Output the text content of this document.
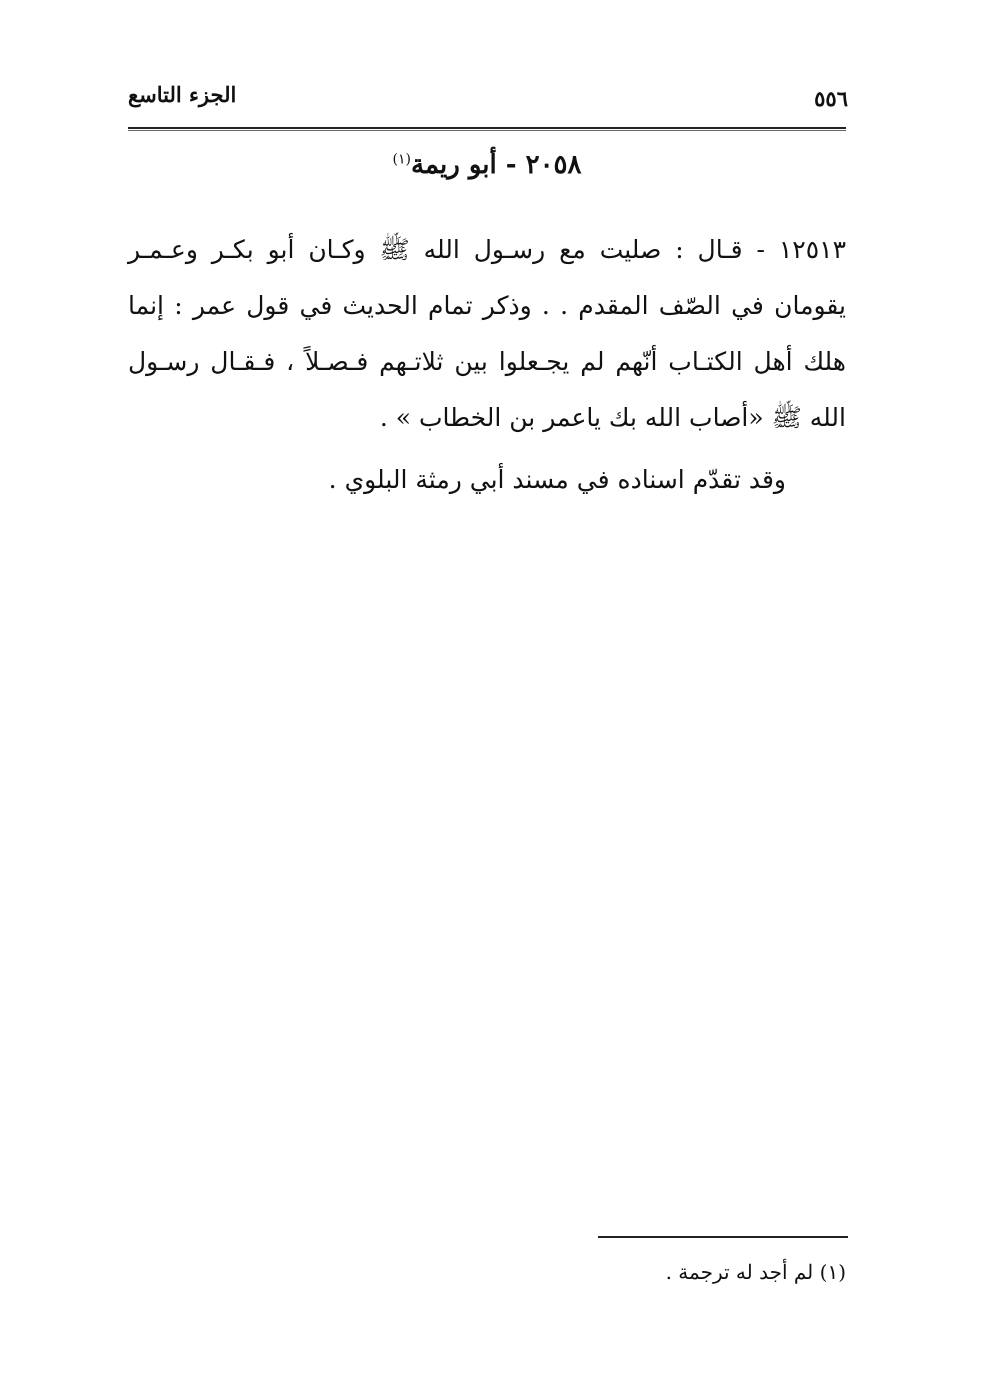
الجزء التاسع	٥٥٦
٢٠٥٨ - أبو ريمة$^{(١)}$

١٢٥١٣ - قـال : صليت مع رسـول الله ﷺ وكـان أبو بكـر وعـمـر يقومان في الصّف المقدم . . وذكر تمام الحديث في قول عمر : إنما هلك أهل الكتـاب أنّهم لم يجـعلوا بين ثلاتـهم فـصـلاً ، فـقـال رسـول الله ﷺ «أصاب الله بك ياعمر بن الخطاب » .

وقد تقدّم اسناده في مسند أبي رمثة البلوي .

(١) لم أجد له ترجمة .
